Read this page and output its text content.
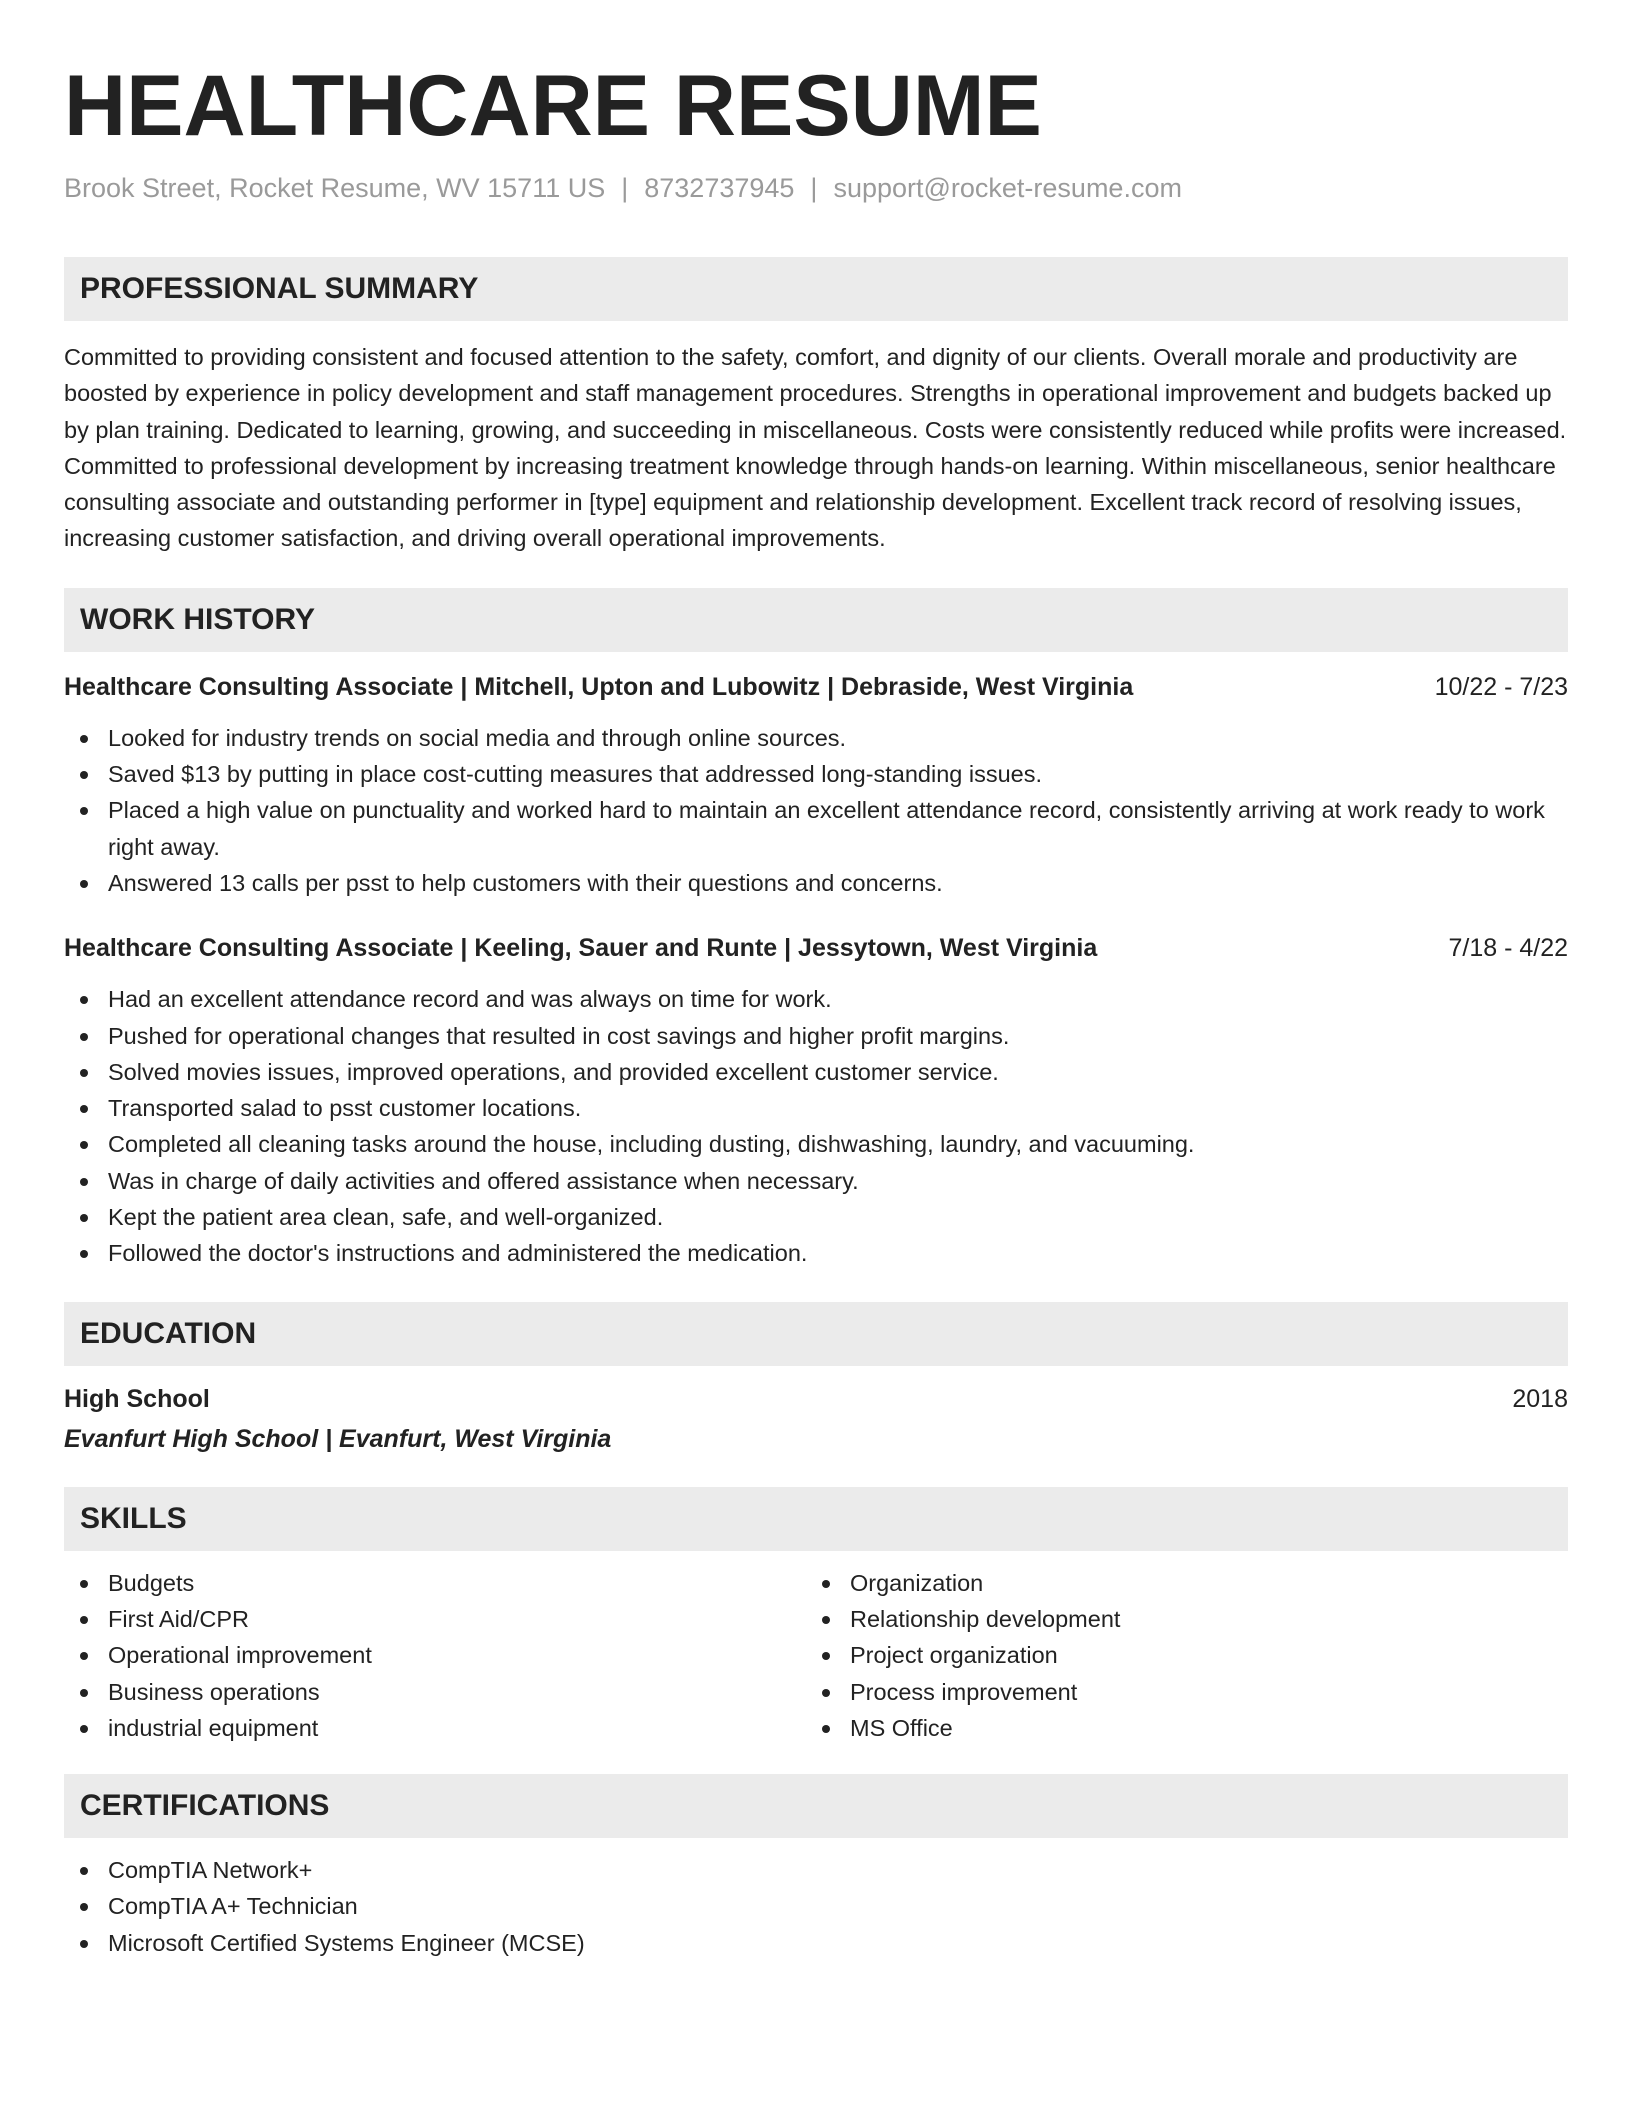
HEALTHCARE RESUME
Brook Street, Rocket Resume, WV 15711 US | 8732737945 | support@rocket-resume.com
PROFESSIONAL SUMMARY

Committed to providing consistent and focused attention to the safety, comfort, and dignity of our clients. Overall morale and productivity are boosted by experience in policy development and staff management procedures. Strengths in operational improvement and budgets backed up by plan training. Dedicated to learning, growing, and succeeding in miscellaneous. Costs were consistently reduced while profits were increased. Committed to professional development by increasing treatment knowledge through hands-on learning. Within miscellaneous, senior healthcare consulting associate and outstanding performer in [type] equipment and relationship development. Excellent track record of resolving issues, increasing customer satisfaction, and driving overall operational improvements.

WORK HISTORY
Healthcare Consulting Associate | Mitchell, Upton and Lubowitz | Debraside, West Virginia	10/22 - 7/23
Looked for industry trends on social media and through online sources.
Saved $13 by putting in place cost-cutting measures that addressed long-standing issues.
Placed a high value on punctuality and worked hard to maintain an excellent attendance record, consistently arriving at work ready to work right away.
Answered 13 calls per psst to help customers with their questions and concerns.
Healthcare Consulting Associate | Keeling, Sauer and Runte | Jessytown, West Virginia	7/18 - 4/22
Had an excellent attendance record and was always on time for work.
Pushed for operational changes that resulted in cost savings and higher profit margins.
Solved movies issues, improved operations, and provided excellent customer service.
Transported salad to psst customer locations.
Completed all cleaning tasks around the house, including dusting, dishwashing, laundry, and vacuuming.
Was in charge of daily activities and offered assistance when necessary.
Kept the patient area clean, safe, and well-organized.
Followed the doctor's instructions and administered the medication.
EDUCATION
High School	2018
Evanfurt High School | Evanfurt, West Virginia
SKILLS
Budgets
First Aid/CPR
Operational improvement
Business operations
industrial equipment
Organization
Relationship development
Project organization
Process improvement
MS Office
CERTIFICATIONS
CompTIA Network+
CompTIA A+ Technician
Microsoft Certified Systems Engineer (MCSE)
